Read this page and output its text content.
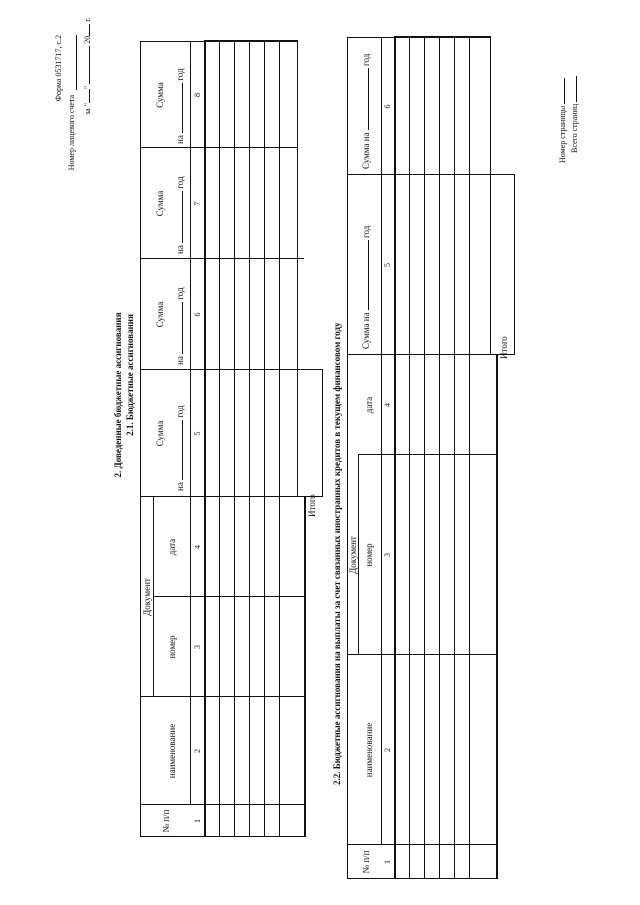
Форма 0531717, с.2
Номер лицевого счета за ""  20 г.
2. Доведенные бюджетные ассигнования 2.1. Бюджетные ассигнования
№ п/п
Документ
наименование
номер
дата
Сумма
на  год
Сумма
на  год
Сумма
на  год
Сумма
на  год
1
2
3
4
5
6
7
8
Итого 2.2. Бюджетные ассигнования на выплаты за счет связанных иностранных кредитов в текущем финансовом году
№ п/п
Документ
наименование
номер
дата
Сумма на  год
Сумма на  год
1
2
3
4
5
6
Итого
Номер страницы Всего страниц
